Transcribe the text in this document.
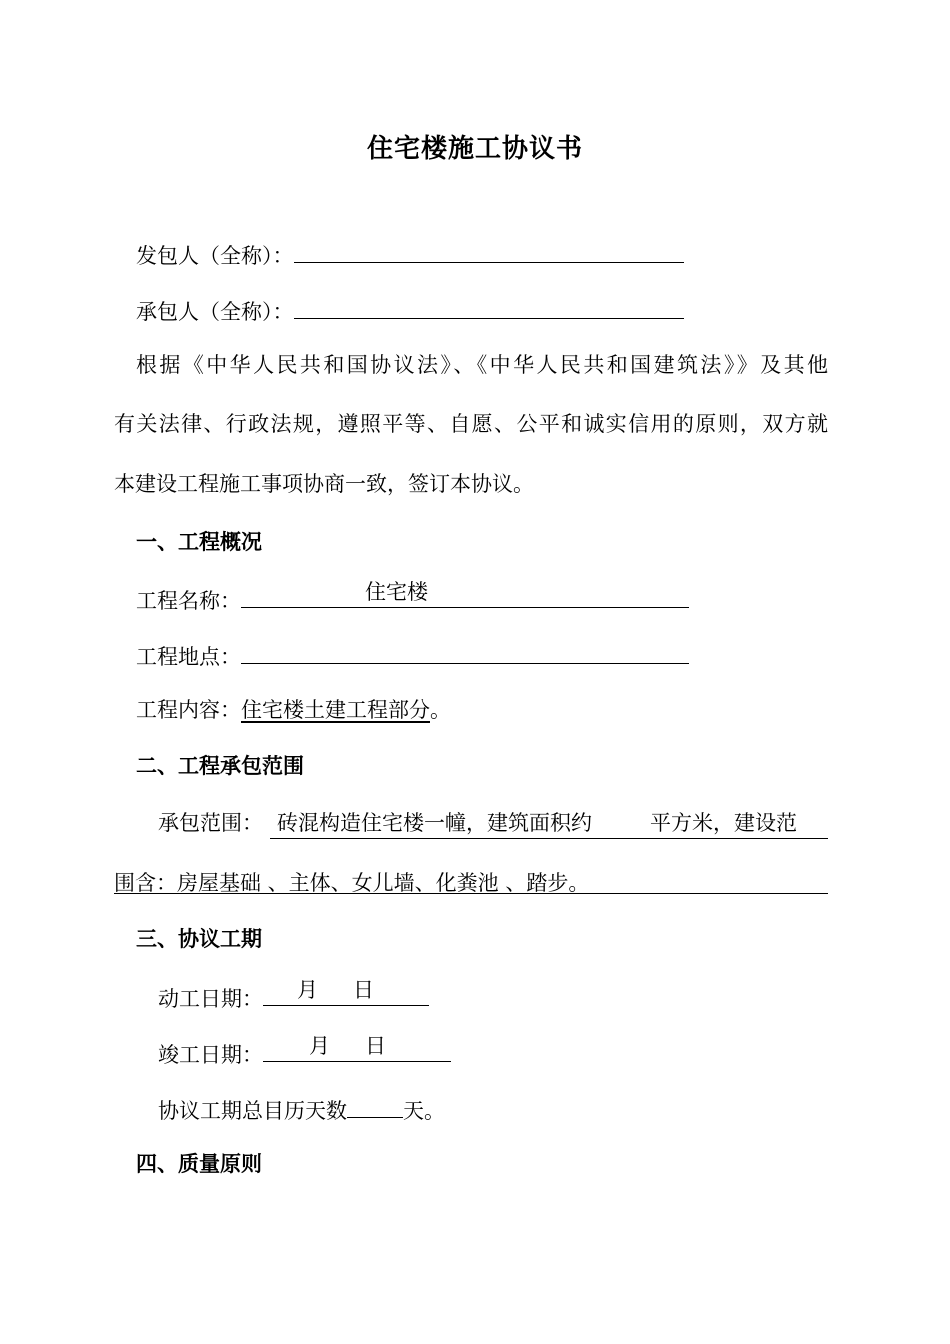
住宅楼施工协议书
发包人（全称）：
承包人（全称）：
根据《中华人民共和国协议法》、《中华人民共和国建筑法》》及其他
有关法律、行政法规，遵照平等、自愿、公平和诚实信用的原则，双方就
本建设工程施工事项协商一致，签订本协议。
一、工程概况
工程名称：	住宅楼
工程地点：
工程内容：住宅楼土建工程部分。
二、工程承包范围
承包范围： 砖混构造住宅楼一幢，建筑面积约	平方米，建设范
围含：房屋基础 、主体、女儿墙、化粪池 、踏步。
三、协议工期
动工日期： 月 日
竣工日期： 月 日
协议工期总目历天数	天。
四、质量原则
